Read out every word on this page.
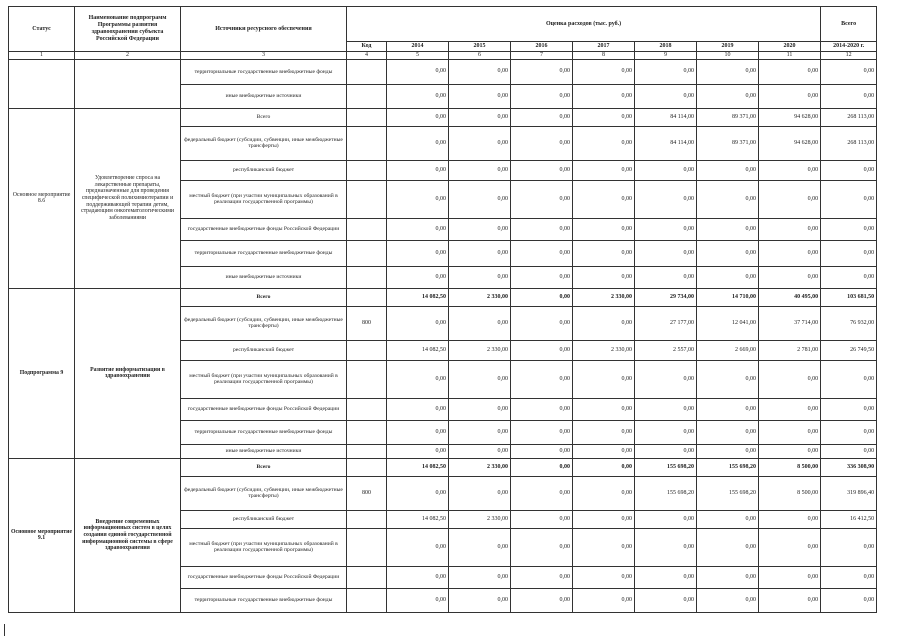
Статус	Наименование подпрограмм Программы развития здравоохранения субъекта Российской Федерации	Источники ресурсного обеспечения	Оценка расходов (тыс. руб.)								Всего
			Код	2014	2015	2016	2017	2018	2019	2020	2014-2020 г.
1	2	3	4	5	6	7	8	9	10	11	12
		территориальные государственные внебюджетные фонды		0,00	0,00	0,00	0,00	0,00	0,00	0,00	0,00
		иные внебюджетные источники		0,00	0,00	0,00	0,00	0,00	0,00	0,00	0,00
Основное мероприятие 8.6	Удовлетворение спроса на лекарственные препараты, предназначенные для проведения специфической полихимиотерапии и поддерживающей терапии детям, страдающим онкогематологическими заболеваниями	Всего		0,00	0,00	0,00	0,00	84 114,00	89 371,00	94 628,00	268 113,00
		федеральный бюджет (субсидии, субвенции, иные межбюджетные трансферты)		0,00	0,00	0,00	0,00	84 114,00	89 371,00	94 628,00	268 113,00
		республиканский бюджет		0,00	0,00	0,00	0,00	0,00	0,00	0,00	0,00
		местный бюджет (при участии муниципальных образований в реализации государственной программы)		0,00	0,00	0,00	0,00	0,00	0,00	0,00	0,00
		государственные внебюджетные фонды Российской Федерации		0,00	0,00	0,00	0,00	0,00	0,00	0,00	0,00
		территориальные государственные внебюджетные фонды		0,00	0,00	0,00	0,00	0,00	0,00	0,00	0,00
		иные внебюджетные источники		0,00	0,00	0,00	0,00	0,00	0,00	0,00	0,00
Подпрограмма 9	Развитие информатизации в здравоохранении	Всего		14 082,50	2 330,00	0,00	2 330,00	29 734,00	14 710,00	40 495,00	103 681,50
		федеральный бюджет (субсидии, субвенции, иные межбюджетные трансферты)	800	0,00	0,00	0,00	0,00	27 177,00	12 041,00	37 714,00	76 932,00
		республиканский бюджет		14 082,50	2 330,00	0,00	2 330,00	2 557,00	2 669,00	2 781,00	26 749,50
		местный бюджет (при участии муниципальных образований в реализации государственной программы)		0,00	0,00	0,00	0,00	0,00	0,00	0,00	0,00
		государственные внебюджетные фонды Российской Федерации		0,00	0,00	0,00	0,00	0,00	0,00	0,00	0,00
		территориальные государственные внебюджетные фонды		0,00	0,00	0,00	0,00	0,00	0,00	0,00	0,00
		иные внебюджетные источники		0,00	0,00	0,00	0,00	0,00	0,00	0,00	0,00
Основное мероприятие 9.1	Внедрение современных информационных систем в целях создания единой государственной информационной системы в сфере здравоохранения	Всего		14 082,50	2 330,00	0,00	0,00	155 698,20	155 698,20	8 500,00	336 308,90
		федеральный бюджет (субсидии, субвенции, иные межбюджетные трансферты)	800	0,00	0,00	0,00	0,00	155 698,20	155 698,20	8 500,00	319 896,40
		республиканский бюджет		14 082,50	2 330,00	0,00	0,00	0,00	0,00	0,00	16 412,50
		местный бюджет (при участии муниципальных образований в реализации государственной программы)		0,00	0,00	0,00	0,00	0,00	0,00	0,00	0,00
		государственные внебюджетные фонды Российской Федерации		0,00	0,00	0,00	0,00	0,00	0,00	0,00	0,00
		территориальные государственные внебюджетные фонды		0,00	0,00	0,00	0,00	0,00	0,00	0,00	0,00
